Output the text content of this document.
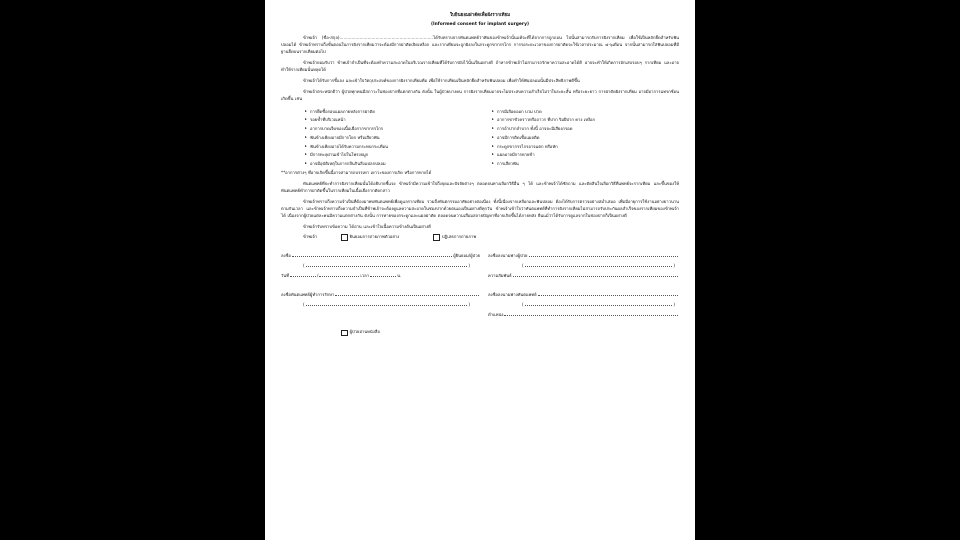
ใบยินยอมผ่าตัดเพื่อฝังรากเทียม
(Informed consent for implant surgery)

ข้าพเจ้า (ชื่อ-สกุล)......................................................................ได้รับทราบจากทันตแพทย์ว่าฟันของข้าพเจ้านั้นแท้จะที่ได้จากการถูกถอน ไปนั้นสามารถรับการฝังรากเทียม เพื่อใช้เป็นหลักยึดสำหรับฟันปลอมได้ ข้าพเจ้าทราบถึงขั้นตอนในการฝังรากเทียมว่าจะต้องมีการผ่าตัดเปิดเหงือก และรากเทียมจะถูกฝังลงในกระดูกขากรรไกร การรอระยะเวลาของการผ่าตัดจะใช้เวลาประมาณ ๔-๖เดือน จากนั้นสามารถใส่ฟันปลอมที่มีฐานยึดบนรากเทียมต่อไป

ข้าพเจ้ายอมรับว่า ข้าพเจ้าจำเป็นที่จะต้องทำความสะอาดในบริเวณรากเทียมที่ได้รับการฝังไว้นั้นเป็นอย่างดี ถ้าหากข้าพเจ้าไม่สามารถรักษาความสะอาดได้ดี อาจจะทำให้เกิดการอักเสบรอบๆ รากเทียม และอาจทำให้รากเทียมนั้นหลุดได้

ข้าพเจ้าได้รับการชี้แจง และเข้าใจวัตถุประสงค์ของการฝังรากเทียมคือ เพื่อใช้รากเทียมเป็นหลักยึดสำหรับฟันปลอม เพื่อทำให้ฟันปลอมนั้นมีประสิทธิภาพดีขึ้น

ข้าพเจ้าตระหนักดีว่า ผู้ป่วยทุกคนมีสภาวะในช่องปากที่แตกต่างกัน ดังนั้น ในผู้ป่วยบางคน การฝังรากเทียมอาจจะไม่ประสบความสำเร็จไม่ว่าในระยะสั้น หรือระยะยาว การผ่าตัดฝังรากเทียม อาจมีอาการแทรกซ้อนเกิดขึ้น เช่น

▸ การยึดซื้อรอบแผลภายหลังการผ่าตัด
▸ รอยช้ำที่บริเวณหน้า
▸ อาการบาดเจ็บของเนื้อเยื่อรากขากรรไกร
▸ ฟันข้างเคียงอาจมีการโยก หรือเสียวฟัน
▸ ฟันข้างเคียงอาจได้รับความกระทบกระเทือน
▸ มีการทะลุผ่านเข้าไปในโพรงจมูก
▸ อาจมีอุบัติเหตุในการกลืนกินสิ่งแปลกปลอม
▸ การมีเลือดออก บวม ปวด
▸ อาการชาชั่วคราวหรือถาวร ที่ปาก ริมฝีปาก คาง เหงือก
▸ การอ้าปากลำบาก ทั้งนี้ อาจจะมีเสียงกรอด
▸ อาจมีการติดเชื้อแผลติด
▸ กระดูกขากรรไกรอาจแตก หรือหัก
▸ แผลอาจมีการหายช้า
▸ การเสียวฟัน

**อาการต่างๆ ที่อาจเกิดขึ้นนี้อาจสามารถบรรเทา เยาวะของการเกิด หรือการหายได้

ทันตแพทย์ที่จะทำการฝังรากเทียมนั้นได้อธิบายชี้แจง ข้าพเจ้ามีความเข้าใจถึงจุดและปัจจัยต่างๆ ตลอดจนทางเลือกวิธีอื่น ๆ ได้ และข้าพเจ้าได้ซักถาม และตัดสินใจเลือกวิธีที่แพทย์จะรากเทียม และขึ้นของให้ทันตแพทย์ทำการผ่าตัดขึ้นในรากเทียมในเนื้อเยื่อรากตัดกล่าว

ข้าพเจ้าทราบถึงความจำเป็นที่ต้องมาพบทันตแพทย์เพื่อดูแลรากเทียม รวมถึงทันตกรรมอาศัยอย่างต่อเนื่อง ทั้งนี้เนื่องจากเหลือกและฟันปลอม ต้องได้รับการตรวจอย่างสม่ำเสมอ เพื่อมีอายุการใช้งานอย่างยาวนานตามกันเวลา และข้าพเจ้าทราบถึงความจำเป็นที่ข้าพเจ้าจะต้องดูแลความสะอาดในช่องปากด้วยตนเองเป็นอย่างดีทุกวัน ข้าพเจ้าเข้าใจว่าทันตแพทย์ที่ทำการฝังรากเทียมไม่สามารถรับประกันผลสำเร็จของรากเทียมของข้าพเจ้าได้ เนื่องจากผู้ป่วยแต่ละคนมีความแตกต่างกัน ดังนั้น การทายของกระดูกและแผลผ่าตัด ตลอดจนความเสื่อมสลายปัญหาที่อาจเกิดขึ้นได้ภายหลัง ยืนแม้ว่าได้รับการดูแลจากในช่องปากก็เป็นอย่างดี

ข้าพเจ้ารับทราบข้อความ ได้อ่าน และเข้าใจเนื้อความข้างต้นเป็นอย่างดี

ข้าพเจ้า	ยินยอมการถ่ายภาพตัวอย่าง	ปฏิเสธการถ่ายภาพ
ลงชื่อ	ผู้ยินยอม/ผู้ป่วย
(	)
วันที่	/	เวลา	น.
ลงชื่อลงนามพ่างผู้ป่วย
(	)
ความสัมพันธ์
ลงชื่อทันตแพทย์ผู้ทำการรักษา
(	)
ลงชื่อลงนามพ่างทันตแพทย์
(	)
ตำแหน่ง
ผู้ป่วยอ่านหนังสือ
